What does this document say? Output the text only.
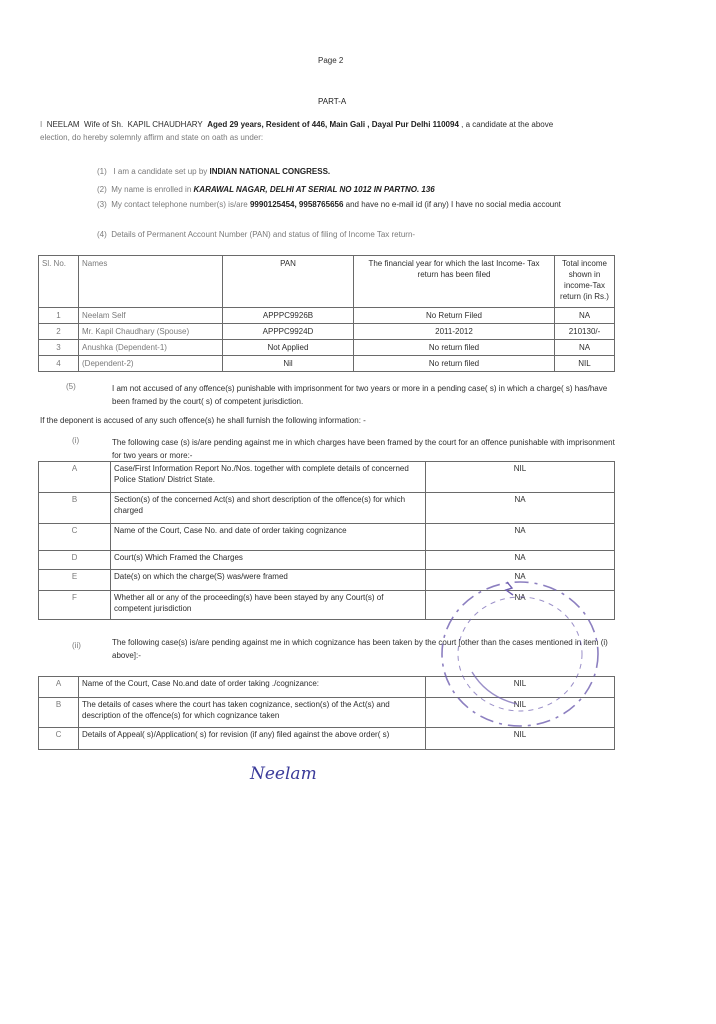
Page 2
PART-A
I NEELAM Wife of Sh. KAPIL CHAUDHARY Aged 29 years, Resident of 446, Main Gali , Dayal Pur Delhi 110094 , a candidate at the above
election, do hereby solemnly affirm and state on oath as under:
(1) I am a candidate set up by INDIAN NATIONAL CONGRESS.
(2) My name is enrolled in KARAWAL NAGAR, DELHI AT SERIAL NO 1012 IN PARTNO. 136
(3) My contact telephone number(s) is/are 9990125454, 9958765656 and have no e-mail id (if any) I have no social media account
(4) Details of Permanent Account Number (PAN) and status of filing of Income Tax return-
Sl. No.	Names	PAN	The financial year for which the last Income- Tax return has been filed	Total income shown in income-Tax return (in Rs.)
1	Neelam Self	APPPC9926B	No Return Filed	NA
2	Mr. Kapil Chaudhary (Spouse)	APPPC9924D	2011-2012	210130/-
3	Anushka (Dependent-1)	Not Applied	No return filed	NA
4	(Dependent-2)	Nil	No return filed	NIL
(5)	I am not accused of any offence(s) punishable with imprisonment for two years or more in a pending case( s) in which a charge( s) has/have been framed by the court( s) of competent jurisdiction.
If the deponent is accused of any such offence(s) he shall furnish the following information: -
(i)	The following case (s) is/are pending against me in which charges have been framed by the court for an offence punishable with imprisonment for two years or more:-
A	Case/First Information Report No./Nos. together with complete details of concerned Police Station/ District State.	NIL
B	Section(s) of the concerned Act(s) and short description of the offence(s) for which charged	NA
C	Name of the Court, Case No. and date of order taking cognizance	NA
D	Court(s) Which Framed the Charges	NA
E	Date(s) on which the charge(S) was/were framed	NA
F	Whether all or any of the proceeding(s) have been stayed by any Court(s) of competent jurisdiction	NA
(ii)	The following case(s) is/are pending against me in which cognizance has been taken by the court [other than the cases mentioned in item (i) above]:-
A	Name of the Court, Case No.and date of order taking ./cognizance:	NIL
B	The details of cases where the court has taken cognizance, section(s) of the Act(s) and description of the offence(s) for which cognizance taken	NIL
C	Details of Appeal( s)/Application( s) for revision (if any) filed against the above order( s)	NIL
Neelam
